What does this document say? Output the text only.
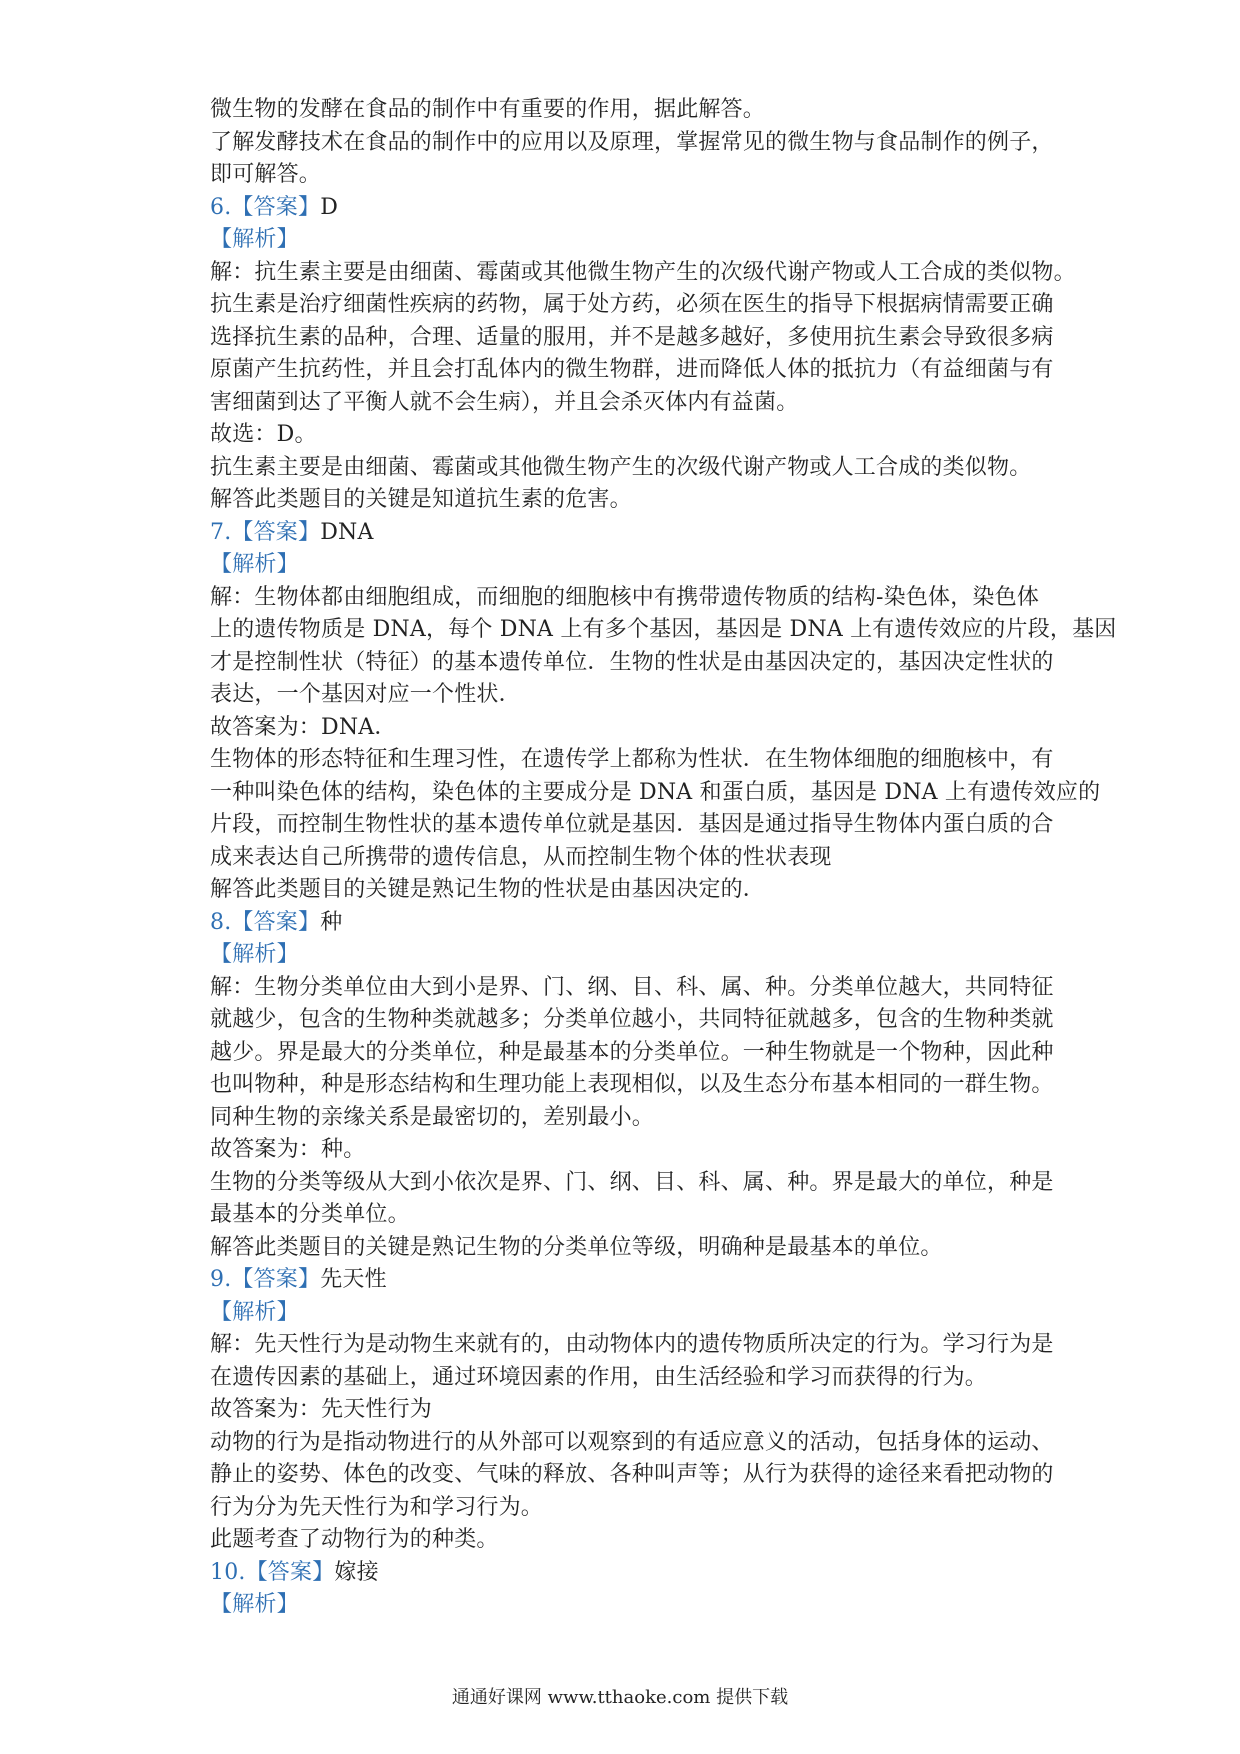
微生物的发酵在食品的制作中有重要的作用，据此解答。
了解发酵技术在食品的制作中的应用以及原理，掌握常见的微生物与食品制作的例子，
即可解答。
6.【答案】D
【解析】
解：抗生素主要是由细菌、霉菌或其他微生物产生的次级代谢产物或人工合成的类似物。
抗生素是治疗细菌性疾病的药物，属于处方药，必须在医生的指导下根据病情需要正确
选择抗生素的品种，合理、适量的服用，并不是越多越好，多使用抗生素会导致很多病
原菌产生抗药性，并且会打乱体内的微生物群，进而降低人体的抵抗力（有益细菌与有
害细菌到达了平衡人就不会生病），并且会杀灭体内有益菌。
故选：D。
抗生素主要是由细菌、霉菌或其他微生物产生的次级代谢产物或人工合成的类似物。
解答此类题目的关键是知道抗生素的危害。
7.【答案】DNA
【解析】
解：生物体都由细胞组成，而细胞的细胞核中有携带遗传物质的结构-染色体，染色体
上的遗传物质是 DNA，每个 DNA 上有多个基因，基因是 DNA 上有遗传效应的片段，基因
才是控制性状（特征）的基本遗传单位．生物的性状是由基因决定的，基因决定性状的
表达，一个基因对应一个性状．
故答案为：DNA．
生物体的形态特征和生理习性，在遗传学上都称为性状．在生物体细胞的细胞核中，有
一种叫染色体的结构，染色体的主要成分是 DNA 和蛋白质，基因是 DNA 上有遗传效应的
片段，而控制生物性状的基本遗传单位就是基因．基因是通过指导生物体内蛋白质的合
成来表达自己所携带的遗传信息，从而控制生物个体的性状表现
解答此类题目的关键是熟记生物的性状是由基因决定的．
8.【答案】种
【解析】
解：生物分类单位由大到小是界、门、纲、目、科、属、种。分类单位越大，共同特征
就越少，包含的生物种类就越多；分类单位越小，共同特征就越多，包含的生物种类就
越少。界是最大的分类单位，种是最基本的分类单位。一种生物就是一个物种，因此种
也叫物种，种是形态结构和生理功能上表现相似，以及生态分布基本相同的一群生物。
同种生物的亲缘关系是最密切的，差别最小。
故答案为：种。
生物的分类等级从大到小依次是界、门、纲、目、科、属、种。界是最大的单位，种是
最基本的分类单位。
解答此类题目的关键是熟记生物的分类单位等级，明确种是最基本的单位。
9.【答案】先天性
【解析】
解：先天性行为是动物生来就有的，由动物体内的遗传物质所决定的行为。学习行为是
在遗传因素的基础上，通过环境因素的作用，由生活经验和学习而获得的行为。
故答案为：先天性行为
动物的行为是指动物进行的从外部可以观察到的有适应意义的活动，包括身体的运动、
静止的姿势、体色的改变、气味的释放、各种叫声等；从行为获得的途径来看把动物的
行为分为先天性行为和学习行为。
此题考查了动物行为的种类。
10.【答案】嫁接
【解析】
通通好课网 www.tthaoke.com 提供下载
